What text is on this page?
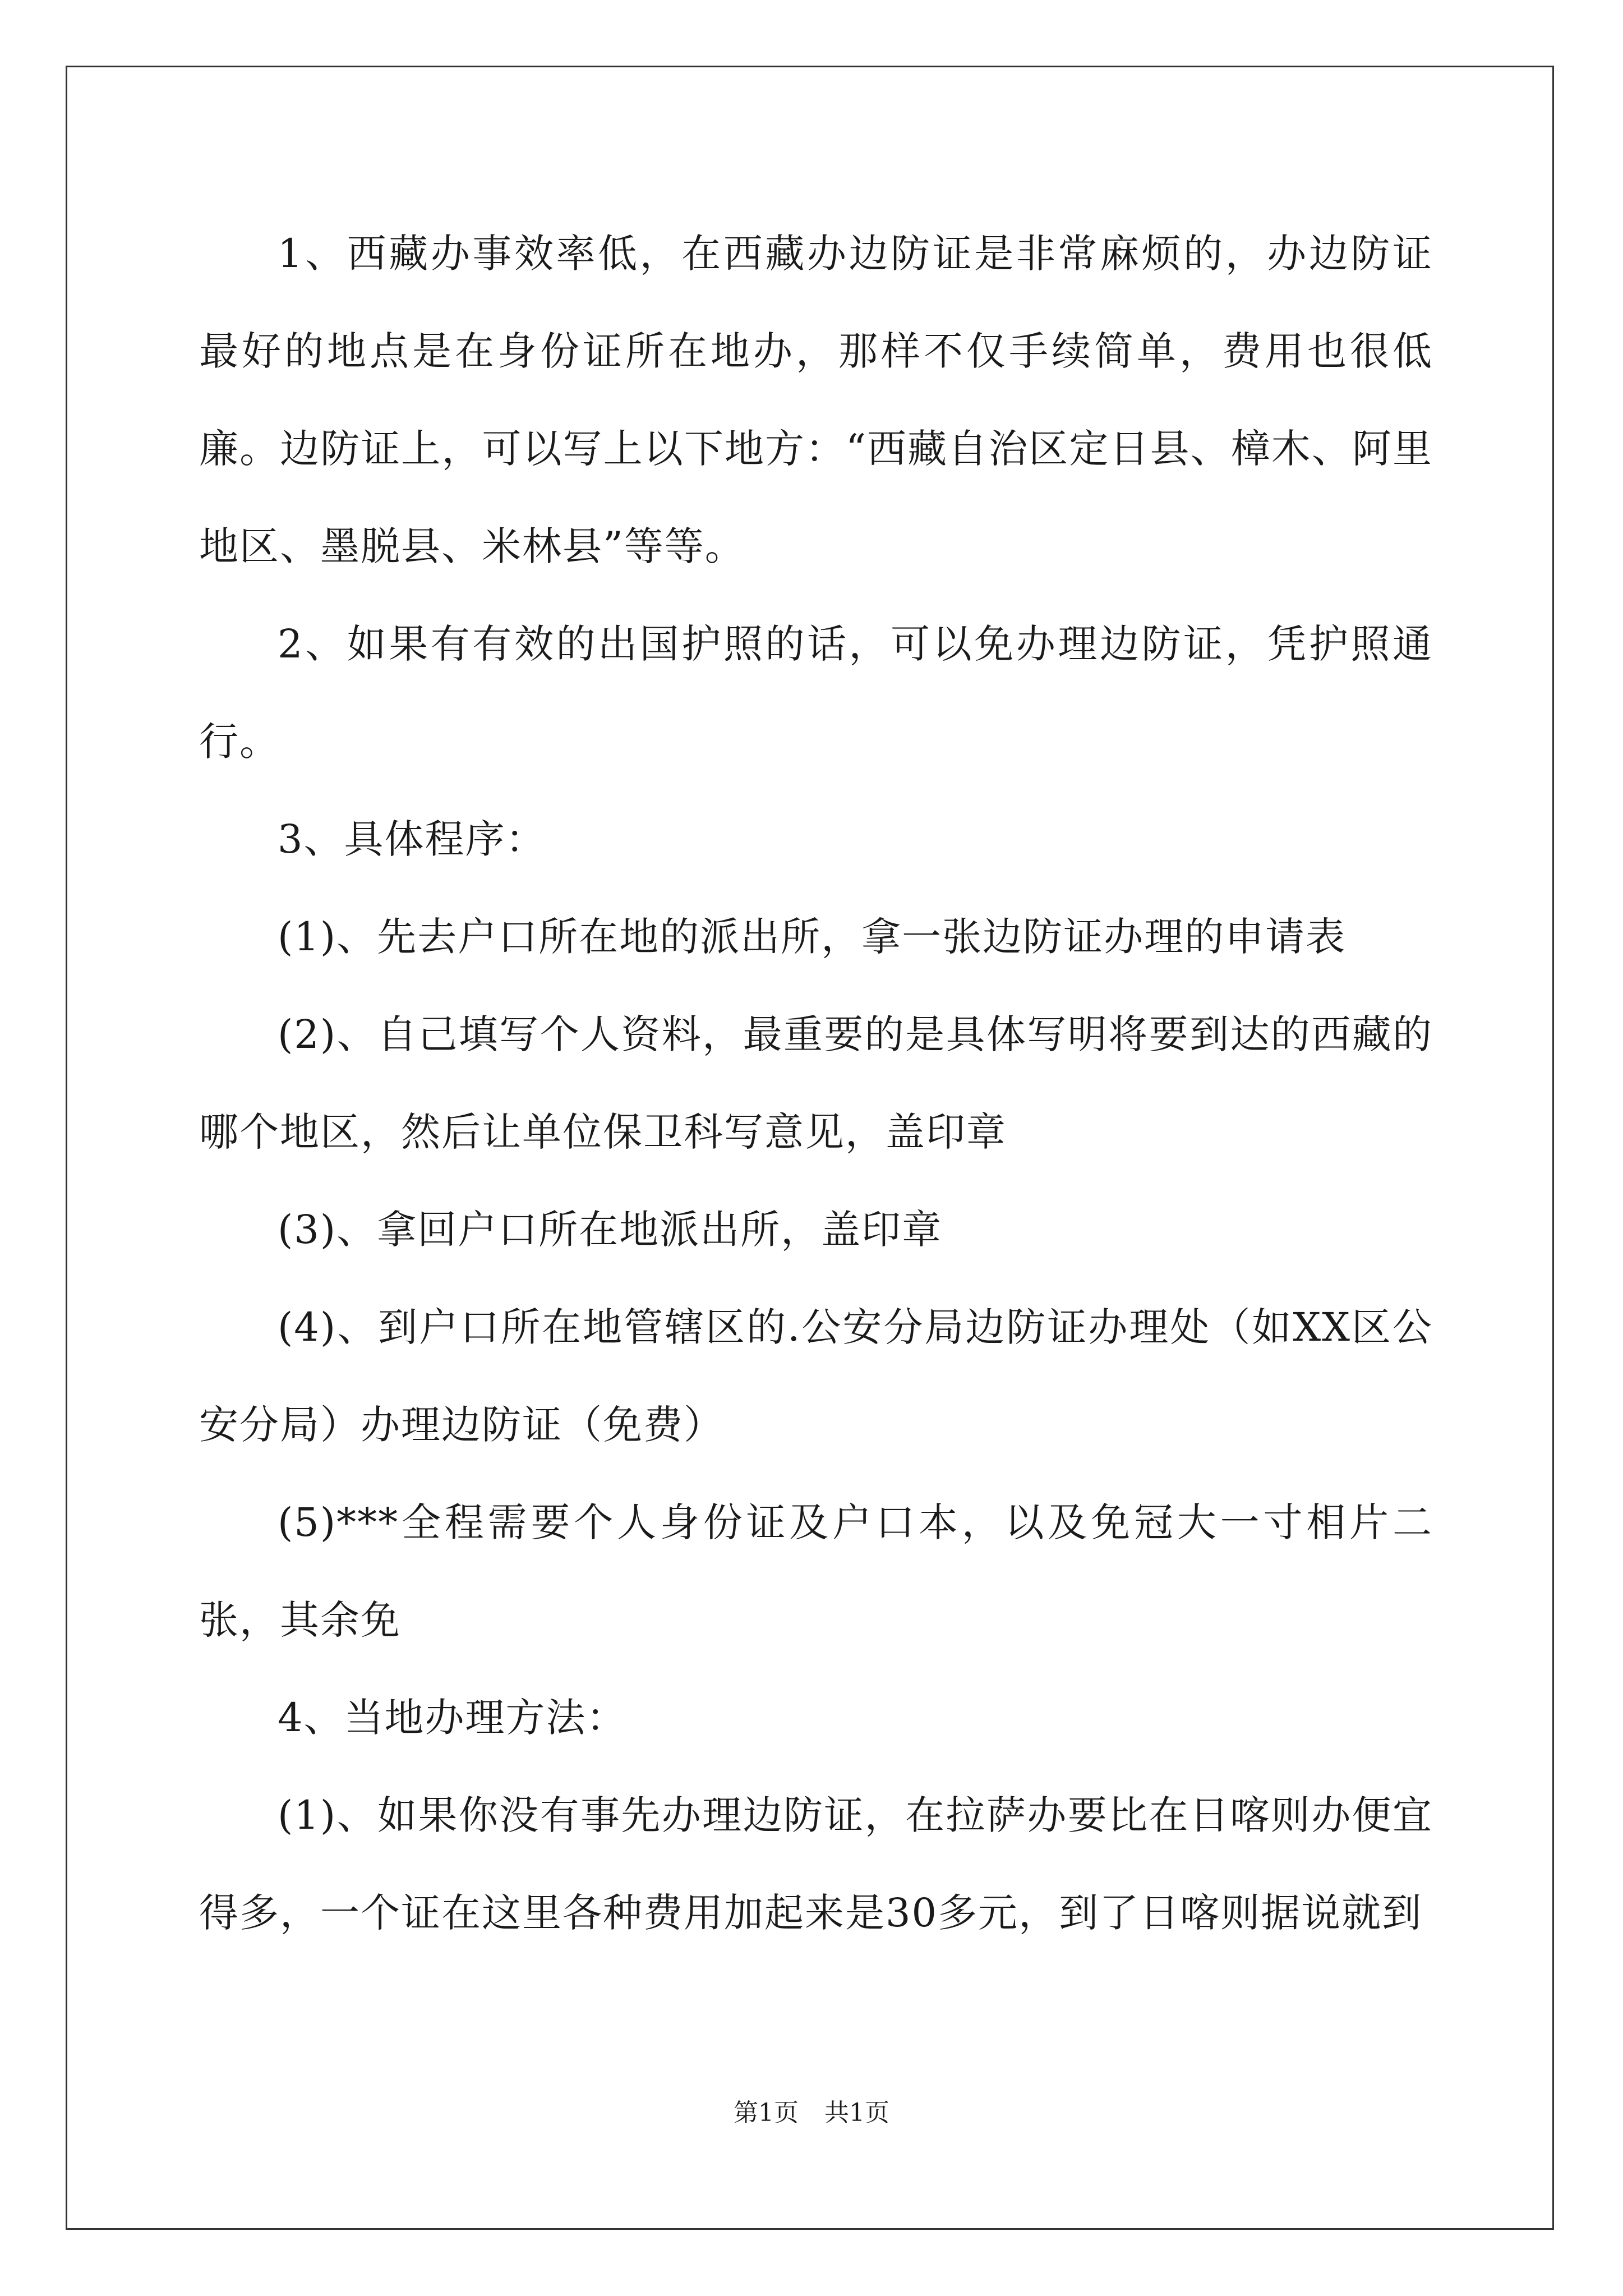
1、西藏办事效率低，在西藏办边防证是非常麻烦的，办边防证最好的地点是在身份证所在地办，那样不仅手续简单，费用也很低廉。边防证上，可以写上以下地方：“西藏自治区定日县、樟木、阿里地区、墨脱县、米林县”等等。

2、如果有有效的出国护照的话，可以免办理边防证，凭护照通行。

3、具体程序：

(1)、先去户口所在地的派出所，拿一张边防证办理的申请表

(2)、自己填写个人资料，最重要的是具体写明将要到达的西藏的哪个地区，然后让单位保卫科写意见，盖印章

(3)、拿回户口所在地派出所，盖印章

(4)、到户口所在地管辖区的.公安分局边防证办理处（如XX区公安分局）办理边防证（免费）

(5)***全程需要个人身份证及户口本，以及免冠大一寸相片二张，其余免

4、当地办理方法：

(1)、如果你没有事先办理边防证，在拉萨办要比在日喀则办便宜得多，一个证在这里各种费用加起来是30多元，到了日喀则据说就到

第1页 共1页
